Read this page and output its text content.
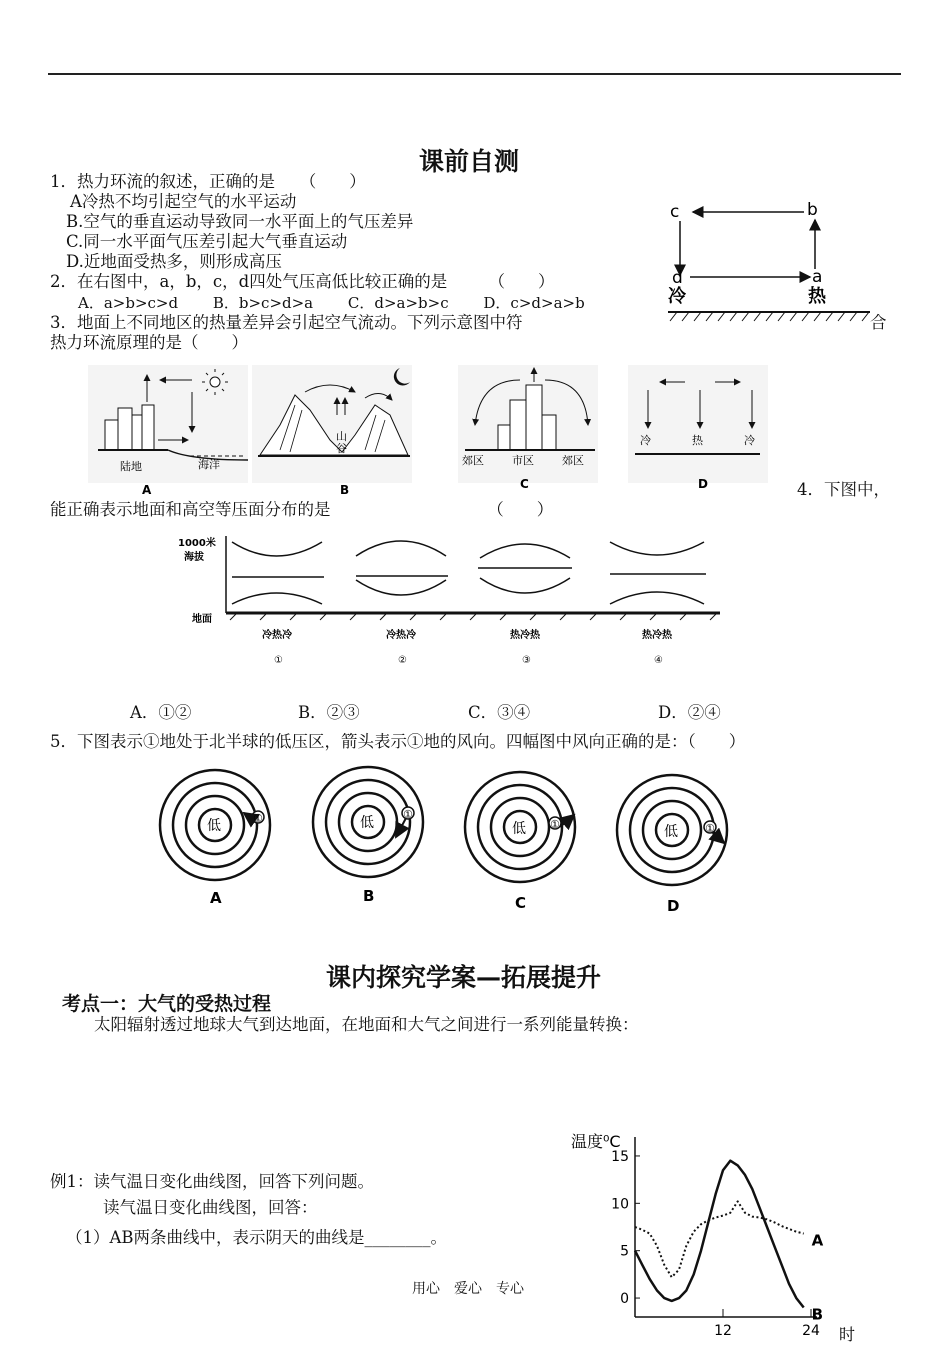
课前自测
1．热力环流的叙述，正确的是　　（　　）
A冷热不均引起空气的水平运动
B.空气的垂直运动导致同一水平面上的气压差异
C.同一水平面气压差引起大气垂直运动
D.近地面受热多，则形成高压
2．在右图中，a，b，c，d四处气压高低比较正确的是　　　（　　）
A．a>b>c>d　　 B．b>c>d>a　　 C．d>a>b>c　　 D．c>d>a>b
c	b
d	a
冷	热
3．地面上不同地区的热量差异会引起空气流动。下列示意图中符	合
热力环流原理的是（　　）
陆地	海洋
A
山
谷
B
郊区	市区	郊区
C
冷	热	冷
D	4．下图中，
能正确表示地面和高空等压面分布的是　　　　　　　　　　（　　）
1000米
海拔
地面
冷热冷
①
冷热冷
②
热冷热
③
热冷热
④
A．①②	B．②③	C．③④	D．②④
5．下图表示①地处于北半球的低压区，箭头表示①地的风向。四幅图中风向正确的是：（　　）
低	①
A
低
①
B
低 ①
C
低 ①
D
课内探究学案—拓展提升
考点一：大气的受热过程
太阳辐射透过地球大气到达地面，在地面和大气之间进行一系列能量转换：
例1：读气温日变化曲线图，回答下列问题。
读气温日变化曲线图，回答：
（1）AB两条曲线中，表示阴天的曲线是________。
用心　爱心　专心
温度⁰C
时
0
5
10
15
12	24
A
B
